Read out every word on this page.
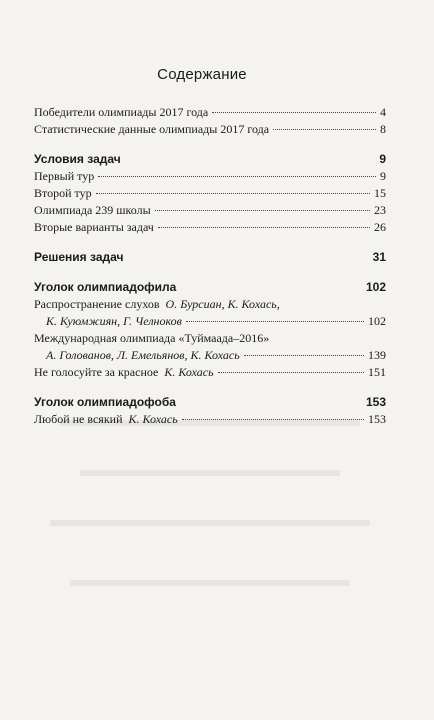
Содержание
Победители олимпиады 2017 года	4
Статистические данные олимпиады 2017 года	8
Условия задач	9
Первый тур	9
Второй тур	15
Олимпиада 239 школы	23
Вторые варианты задач	26
Решения задач	31
Уголок олимпиадофила	102
Распространение слухов О. Бурсиан, К. Кохась,
К. Куюмжиян, Г. Челноков	102
Международная олимпиада «Туймаада–2016»
А. Голованов, Л. Емельянов, К. Кохась	139
Не голосуйте за красное К. Кохась	151
Уголок олимпиадофоба	153
Любой не всякий К. Кохась	153
